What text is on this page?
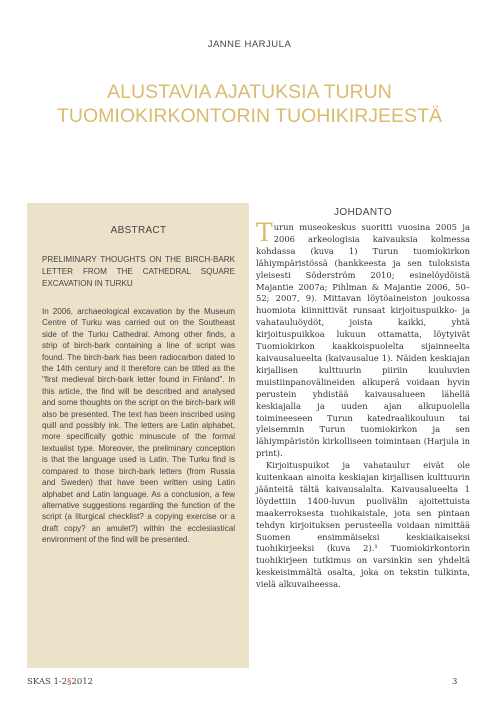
JANNE HARJULA
ALUSTAVIA AJATUKSIA TURUN
TUOMIOKIRKONTORIN TUOHIKIRJEESTÄ
ABSTRACT
PRELIMINARY THOUGHTS ON THE BIRCH-BARK LETTER FROM THE CATHEDRAL SQUARE EXCAVATION IN TURKU
In 2006, archaeological excavation by the Museum Centre of Turku was carried out on the Southeast side of the Turku Cathedral. Among other finds, a strip of birch-bark containing a line of script was found. The birch-bark has been radiocarbon dated to the 14th century and it therefore can be titled as the "first medieval birch-bark letter found in Finland". In this article, the find will be described and analysed and some thoughts on the script on the birch-bark will also be presented. The text has been inscribed using quill and possibly ink. The letters are Latin alphabet, more specifically gothic minuscule of the formal textualist type. Moreover, the preliminary conception is that the language used is Latin. The Turku find is compared to those birch-bark letters (from Russia and Sweden) that have been written using Latin alphabet and Latin language. As a conclusion, a few alternative suggestions regarding the function of the script (a liturgical checklist? a copying exercise or a draft copy? an amulet?) within the ecclesiastical environment of the find will be presented.
JOHDANTO

Turun museokeskus suoritti vuosina 2005 ja 2006 arkeologisia kaivauksia kolmessa kohdassa (kuva 1) Turun tuomiokirkon lähiympäristössä (hankkeesta ja sen tuloksista yleisesti Söderström 2010; esinelöydöistä Majantie 2007a; Pihlman & Majantie 2006, 50–52; 2007, 9). Mittavan löytöaineiston joukossa huomiota kiinnittivät runsaat kirjoituspuikko- ja vahatauluöydöt, joista kaikki, yhtä kirjoituspuikkoa lukuun ottamatta, löytyivät Tuomiokirkon kaakkoispuolelta sijainneelta kaivausalueelta (kaivausalue 1). Näiden keskiajan kirjallisen kulttuurin piiriin kuuluvien muistiinpanovälineiden alkuperä voidaan hyvin perustein yhdistää kaivausalueen lähellä keskiajalla ja uuden ajan alkupuolella toimineeseen Turun katedraalikouluun tai yleisemmin Turun tuomiokirkon ja sen lähiympäristön kirkolliseen toimintaan (Harjula in print).

Kirjoituspuikot ja vahatauluт eivät ole kuitenkaan ainoita keskiajan kirjallisen kulttuurin jäänteitä tältä kaivausalalta. Kaivausalueelta 1 löydettiin 1400-luvun puolivälin ajoitettuista maakerroksesta tuohikaistale, jota sen pintaan tehdyn kirjoituksen perusteella voidaan nimittää Suomen ensimmäiseksi keskiaikaiseksi tuohikirjeeksi (kuva 2).¹ Tuomiokirkontorin tuohikirjeen tutkimus on varsinkin sen yhdeltä keskeisimmältä osalta, joka on tekstin tulkinta, vielä alkuvaiheessa.

SKAS 1-2§2012	3
